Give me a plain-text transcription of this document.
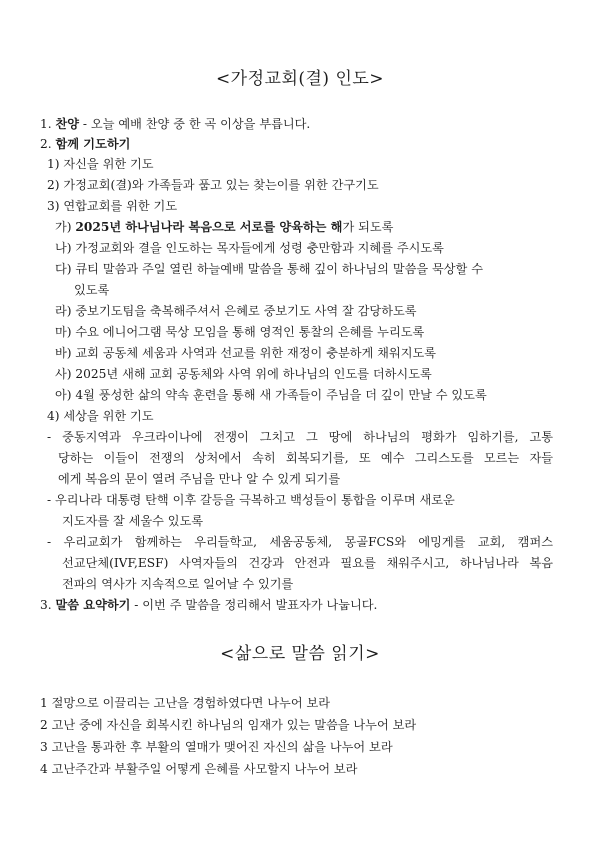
<가정교회(결) 인도>
1. 찬양 - 오늘 예배 찬양 중 한 곡 이상을 부릅니다.
2. 함께 기도하기
1) 자신을 위한 기도
2) 가정교회(결)와 가족들과 품고 있는 찾는이를 위한 간구기도
3) 연합교회를 위한 기도
가) 2025년 하나님나라 복음으로 서로를 양육하는 해가 되도록
나) 가정교회와 결을 인도하는 목자들에게 성령 충만함과 지혜를 주시도록
다) 큐티 말씀과 주일 열린 하늘예배 말씀을 통해 깊이 하나님의 말씀을 묵상할 수
있도록
라) 중보기도팀을 축복해주셔서 은혜로 중보기도 사역 잘 감당하도록
마) 수요 에니어그램 묵상 모임을 통해 영적인 통찰의 은혜를 누리도록
바) 교회 공동체 세움과 사역과 선교를 위한 재정이 충분하게 채워지도록
사) 2025년 새해 교회 공동체와 사역 위에 하나님의 인도를 더하시도록
아) 4월 풍성한 삶의 약속 훈련을 통해 새 가족들이 주님을 더 깊이 만날 수 있도록
4) 세상을 위한 기도
- 중동지역과 우크라이나에 전쟁이 그치고 그 땅에 하나님의 평화가 임하기를, 고통
당하는 이들이 전쟁의 상처에서 속히 회복되기를, 또 예수 그리스도를 모르는 자들
에게 복음의 문이 열려 주님을 만나 알 수 있게 되기를
- 우리나라 대통령 탄핵 이후 갈등을 극복하고 백성들이 통합을 이루며 새로운
지도자를 잘 세울수 있도록
- 우리교회가 함께하는 우리들학교, 세움공동체, 몽골FCS와 에밍게를 교회, 캠퍼스
선교단체(IVF,ESF) 사역자들의 건강과 안전과 필요를 채워주시고, 하나님나라 복음
전파의 역사가 지속적으로 일어날 수 있기를
3. 말씀 요약하기 - 이번 주 말씀을 정리해서 발표자가 나눕니다.
<삶으로 말씀 읽기>
1 절망으로 이끌리는 고난을 경험하였다면 나누어 보라
2 고난 중에 자신을 회복시킨 하나님의 임재가 있는 말씀을 나누어 보라
3 고난을 통과한 후 부활의 열매가 맺어진 자신의 삶을 나누어 보라
4 고난주간과 부활주일 어떻게 은혜를 사모할지 나누어 보라
